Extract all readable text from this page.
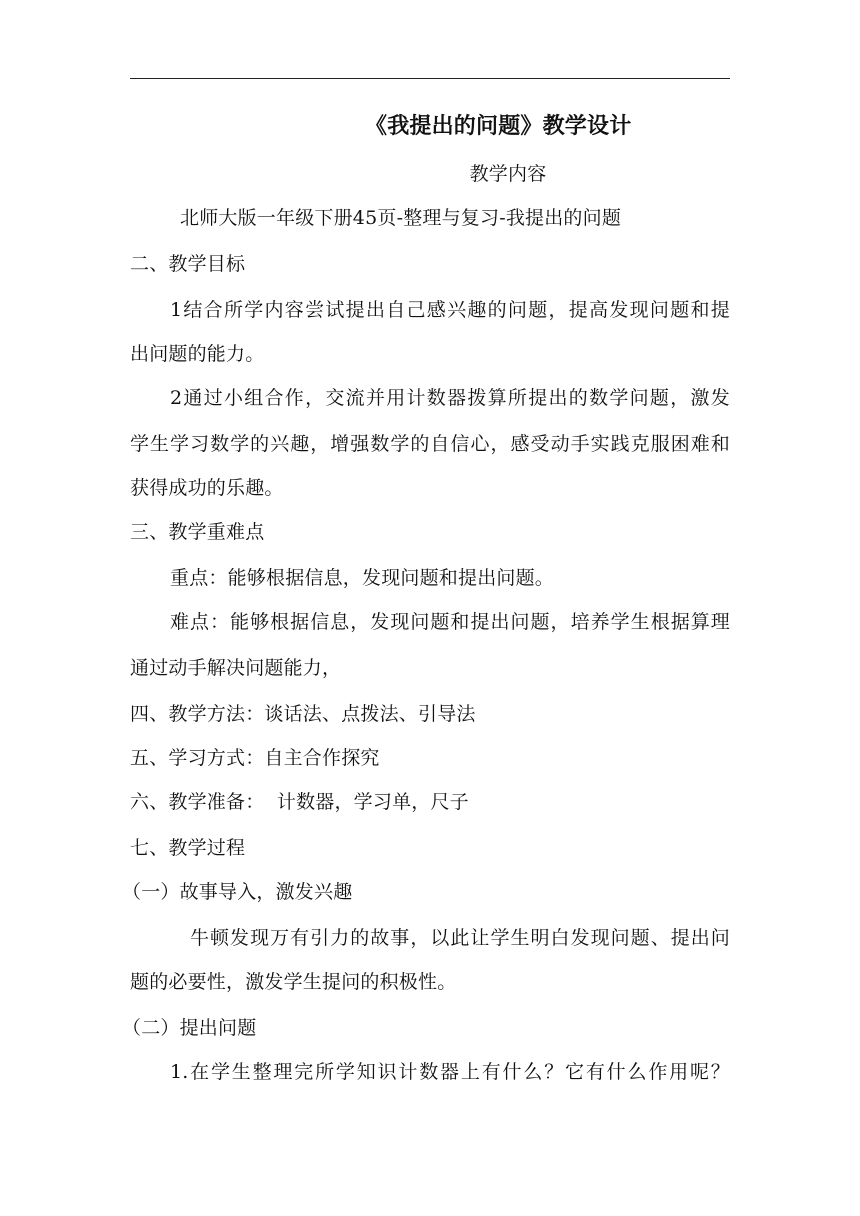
《我提出的问题》教学设计
教学内容
北师大版一年级下册45页-整理与复习-我提出的问题
二、教学目标
1结合所学内容尝试提出自己感兴趣的问题，提高发现问题和提
出问题的能力。
2通过小组合作，交流并用计数器拨算所提出的数学问题，激发
学生学习数学的兴趣，增强数学的自信心，感受动手实践克服困难和
获得成功的乐趣。
三、教学重难点
重点：能够根据信息，发现问题和提出问题。
难点：能够根据信息，发现问题和提出问题，培养学生根据算理
通过动手解决问题能力，
四、教学方法：谈话法、点拨法、引导法
五、学习方式：自主合作探究
六、教学准备：  计数器，学习单，尺子
七、教学过程
（一）故事导入，激发兴趣
牛顿发现万有引力的故事，以此让学生明白发现问题、提出问
题的必要性，激发学生提问的积极性。
（二）提出问题
1.在学生整理完所学知识计数器上有什么？它有什么作用呢？
